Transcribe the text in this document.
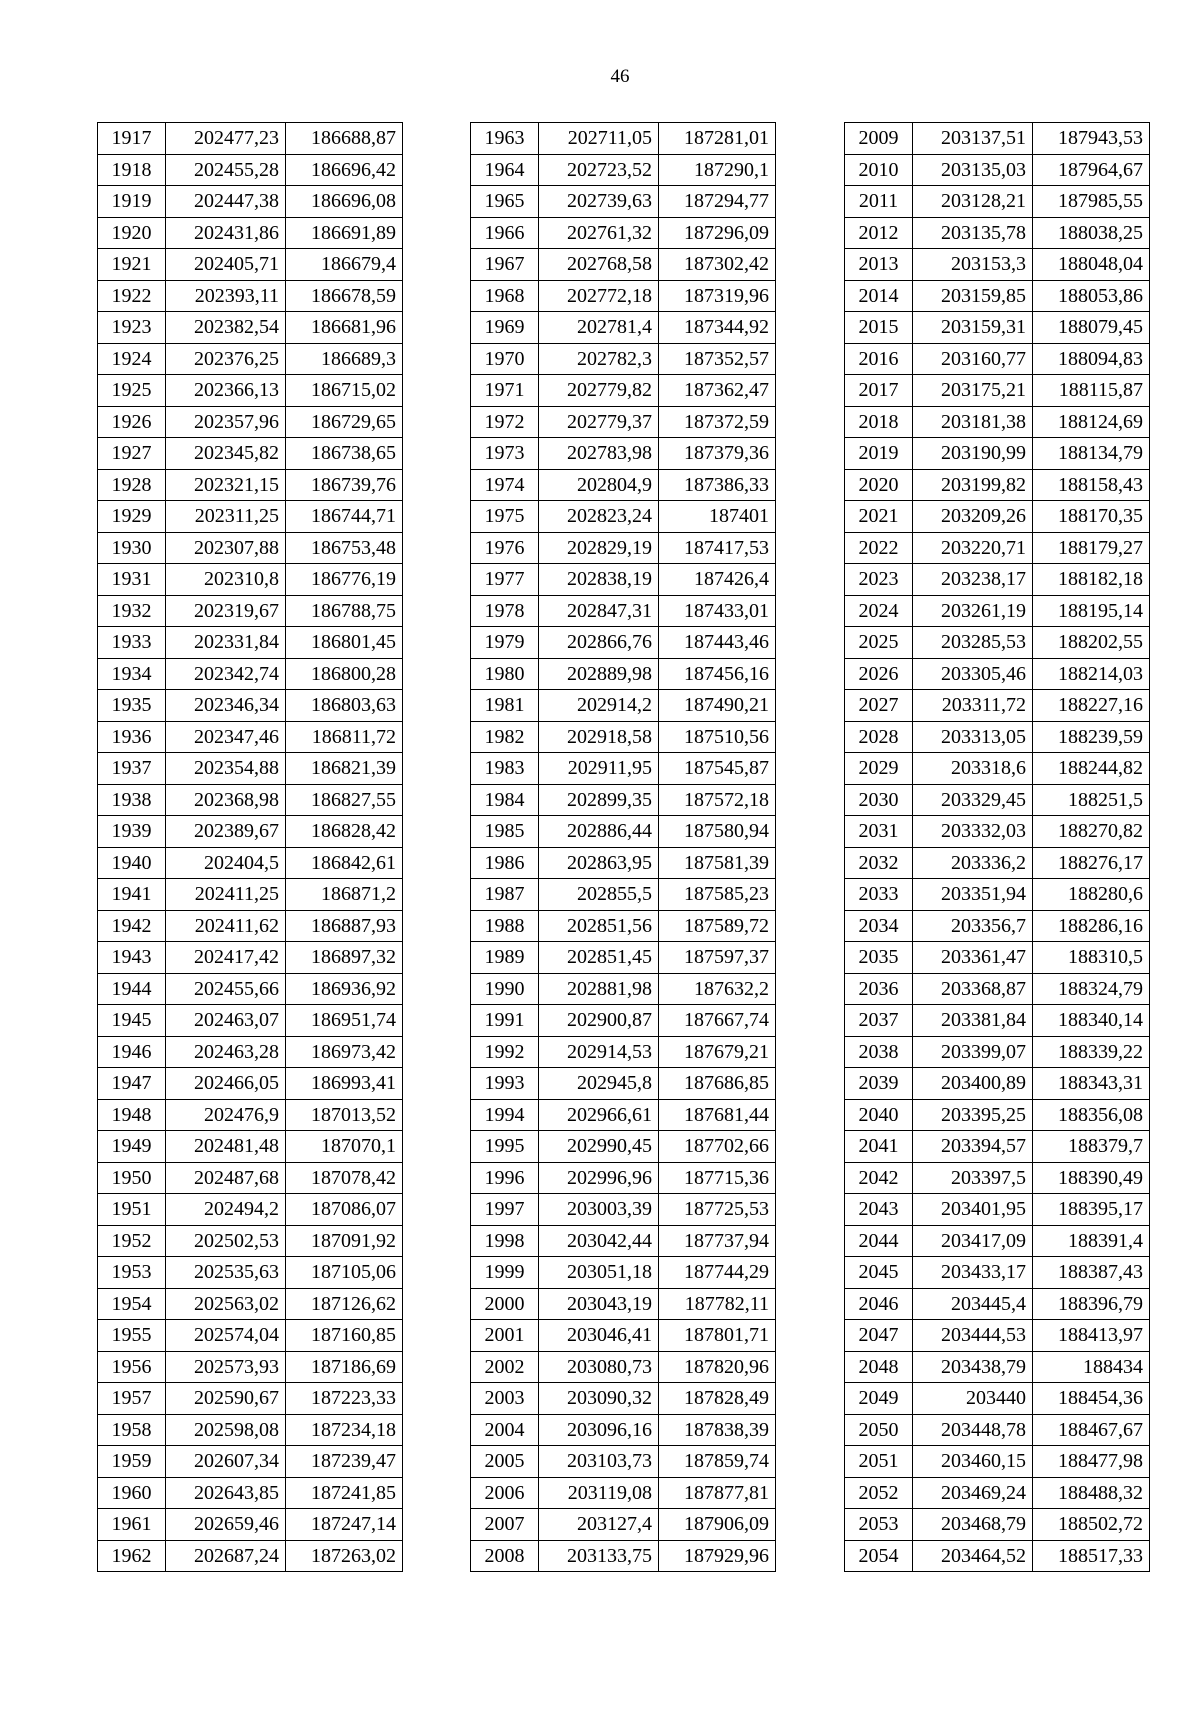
46
1917	202477,23	186688,87
1918	202455,28	186696,42
1919	202447,38	186696,08
1920	202431,86	186691,89
1921	202405,71	186679,4
1922	202393,11	186678,59
1923	202382,54	186681,96
1924	202376,25	186689,3
1925	202366,13	186715,02
1926	202357,96	186729,65
1927	202345,82	186738,65
1928	202321,15	186739,76
1929	202311,25	186744,71
1930	202307,88	186753,48
1931	202310,8	186776,19
1932	202319,67	186788,75
1933	202331,84	186801,45
1934	202342,74	186800,28
1935	202346,34	186803,63
1936	202347,46	186811,72
1937	202354,88	186821,39
1938	202368,98	186827,55
1939	202389,67	186828,42
1940	202404,5	186842,61
1941	202411,25	186871,2
1942	202411,62	186887,93
1943	202417,42	186897,32
1944	202455,66	186936,92
1945	202463,07	186951,74
1946	202463,28	186973,42
1947	202466,05	186993,41
1948	202476,9	187013,52
1949	202481,48	187070,1
1950	202487,68	187078,42
1951	202494,2	187086,07
1952	202502,53	187091,92
1953	202535,63	187105,06
1954	202563,02	187126,62
1955	202574,04	187160,85
1956	202573,93	187186,69
1957	202590,67	187223,33
1958	202598,08	187234,18
1959	202607,34	187239,47
1960	202643,85	187241,85
1961	202659,46	187247,14
1962	202687,24	187263,02
1963	202711,05	187281,01
1964	202723,52	187290,1
1965	202739,63	187294,77
1966	202761,32	187296,09
1967	202768,58	187302,42
1968	202772,18	187319,96
1969	202781,4	187344,92
1970	202782,3	187352,57
1971	202779,82	187362,47
1972	202779,37	187372,59
1973	202783,98	187379,36
1974	202804,9	187386,33
1975	202823,24	187401
1976	202829,19	187417,53
1977	202838,19	187426,4
1978	202847,31	187433,01
1979	202866,76	187443,46
1980	202889,98	187456,16
1981	202914,2	187490,21
1982	202918,58	187510,56
1983	202911,95	187545,87
1984	202899,35	187572,18
1985	202886,44	187580,94
1986	202863,95	187581,39
1987	202855,5	187585,23
1988	202851,56	187589,72
1989	202851,45	187597,37
1990	202881,98	187632,2
1991	202900,87	187667,74
1992	202914,53	187679,21
1993	202945,8	187686,85
1994	202966,61	187681,44
1995	202990,45	187702,66
1996	202996,96	187715,36
1997	203003,39	187725,53
1998	203042,44	187737,94
1999	203051,18	187744,29
2000	203043,19	187782,11
2001	203046,41	187801,71
2002	203080,73	187820,96
2003	203090,32	187828,49
2004	203096,16	187838,39
2005	203103,73	187859,74
2006	203119,08	187877,81
2007	203127,4	187906,09
2008	203133,75	187929,96
2009	203137,51	187943,53
2010	203135,03	187964,67
2011	203128,21	187985,55
2012	203135,78	188038,25
2013	203153,3	188048,04
2014	203159,85	188053,86
2015	203159,31	188079,45
2016	203160,77	188094,83
2017	203175,21	188115,87
2018	203181,38	188124,69
2019	203190,99	188134,79
2020	203199,82	188158,43
2021	203209,26	188170,35
2022	203220,71	188179,27
2023	203238,17	188182,18
2024	203261,19	188195,14
2025	203285,53	188202,55
2026	203305,46	188214,03
2027	203311,72	188227,16
2028	203313,05	188239,59
2029	203318,6	188244,82
2030	203329,45	188251,5
2031	203332,03	188270,82
2032	203336,2	188276,17
2033	203351,94	188280,6
2034	203356,7	188286,16
2035	203361,47	188310,5
2036	203368,87	188324,79
2037	203381,84	188340,14
2038	203399,07	188339,22
2039	203400,89	188343,31
2040	203395,25	188356,08
2041	203394,57	188379,7
2042	203397,5	188390,49
2043	203401,95	188395,17
2044	203417,09	188391,4
2045	203433,17	188387,43
2046	203445,4	188396,79
2047	203444,53	188413,97
2048	203438,79	188434
2049	203440	188454,36
2050	203448,78	188467,67
2051	203460,15	188477,98
2052	203469,24	188488,32
2053	203468,79	188502,72
2054	203464,52	188517,33
